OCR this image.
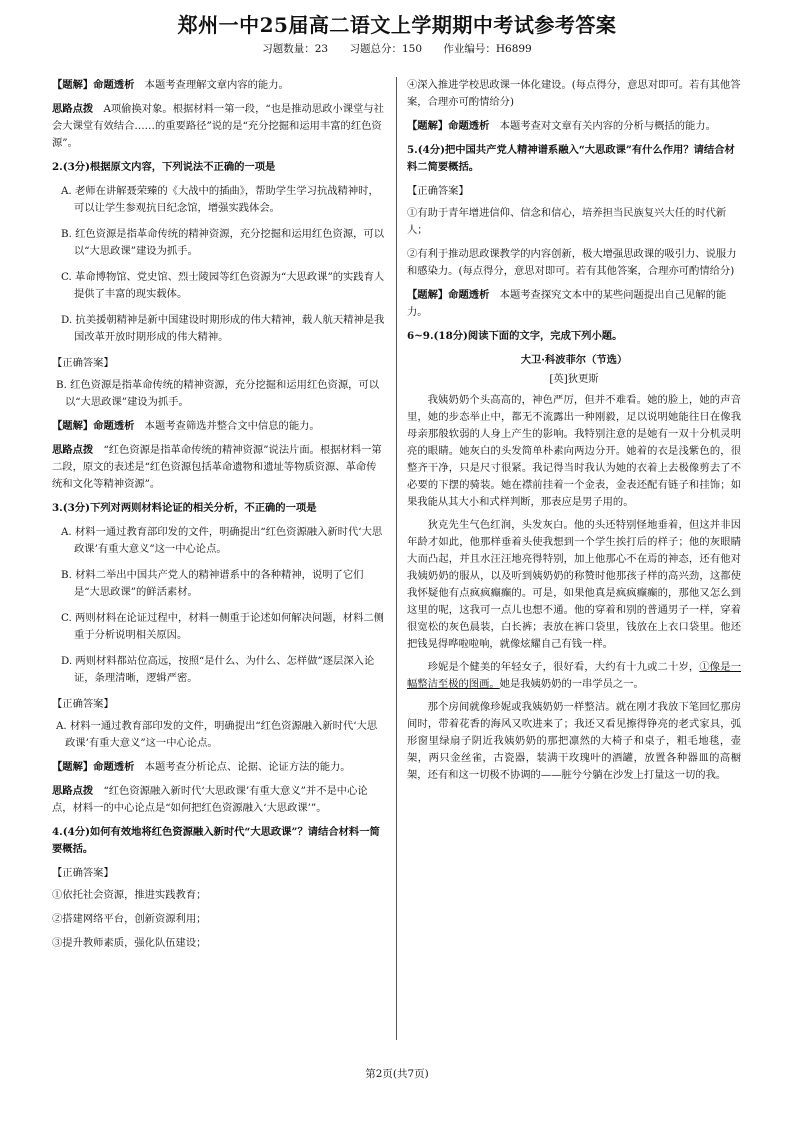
郑州一中25届高二语文上学期期中考试参考答案
习题数量：23 习题总分：150 作业编号：H6899

【题解】命题透析　 本题考查理解文章内容的能力。

思路点拨　 A项偷换对象。根据材料一第一段，“也是推动思政小课堂与社会大课堂有效结合……的重要路径”说的是“充分挖掘和运用丰富的红色资源”。

2.(3分)根据原文内容，下列说法不正确的一项是

A. 老师在讲解聂荣臻的《大战中的插曲》，帮助学生学习抗战精神时，可以让学生参观抗日纪念馆，增强实践体会。

B. 红色资源是指革命传统的精神资源，充分挖掘和运用红色资源，可以以“大思政课”建设为抓手。

C. 革命博物馆、党史馆、烈士陵园等红色资源为“大思政课”的实践育人提供了丰富的现实载体。

D. 抗美援朝精神是新中国建设时期形成的伟大精神，载人航天精神是我国改革开放时期形成的伟大精神。

【正确答案】

B. 红色资源是指革命传统的精神资源，充分挖掘和运用红色资源，可以以“大思政课”建设为抓手。

【题解】命题透析　 本题考查筛选并整合文中信息的能力。

思路点拨　 “红色资源是指革命传统的精神资源”说法片面。根据材料一第二段，原文的表述是“红色资源包括革命遗物和遗址等物质资源、革命传统和文化等精神资源”。

3.(3分)下列对两则材料论证的相关分析，不正确的一项是

A. 材料一通过教育部印发的文件，明确提出“红色资源融入新时代‘大思政课’有重大意义”这一中心论点。

B. 材料二举出中国共产党人的精神谱系中的各种精神，说明了它们是“大思政课”的鲜活素材。

C. 两则材料在论证过程中，材料一侧重于论述如何解决问题，材料二侧重于分析说明相关原因。

D. 两则材料都站位高远，按照“是什么、为什么、怎样做”逐层深入论证，条理清晰，逻辑严密。

【正确答案】

A. 材料一通过教育部印发的文件，明确提出“红色资源融入新时代‘大思政课’有重大意义”这一中心论点。

【题解】命题透析　 本题考查分析论点、论据、论证方法的能力。

思路点拨　 “红色资源融入新时代‘大思政课’有重大意义”并不是中心论点，材料一的中心论点是“如何把红色资源融入‘大思政课’”。

4.(4分)如何有效地将红色资源融入新时代“大思政课”？请结合材料一简要概括。

【正确答案】

①依托社会资源，推进实践教育；

②搭建网络平台，创新资源利用；

③提升教师素质，强化队伍建设；

④深入推进学校思政课一体化建设。(每点得分，意思对即可。若有其他答案，合理亦可酌情给分)

【题解】命题透析　 本题考查对文章有关内容的分析与概括的能力。

5.(4分)把中国共产党人精神谱系融入“大思政课”有什么作用？请结合材料二简要概括。

【正确答案】

①有助于青年增进信仰、信念和信心，培养担当民族复兴大任的时代新人；

②有利于推动思政课教学的内容创新，极大增强思政课的吸引力、说服力和感染力。(每点得分，意思对即可。若有其他答案，合理亦可酌情给分)

【题解】命题透析　 本题考查探究文本中的某些问题提出自己见解的能力。

6~9.(18分)阅读下面的文字，完成下列小题。

大卫·科波菲尔（节选）
[英]狄更斯

我姨奶奶个头高高的，神色严厉，但并不难看。她的脸上，她的声音里，她的步态举止中，都无不流露出一种刚毅，足以说明她能往日在像我母亲那般软弱的人身上产生的影响。我特别注意的是她有一双十分机灵明亮的眼睛。她灰白的头发简单朴素向两边分开。她着的衣是浅紫色的，很整齐干净，只是尺寸很紧。我记得当时我认为她的衣着上去极像剪去了不必要的下摆的骑装。她在襟前挂着一个金表，金表还配有链子和挂饰；如果我能从其大小和式样判断，那表应是男子用的。

狄克先生气色红润，头发灰白。他的头还特别怪地垂着，但这并非因年龄才如此，他那样垂着头使我想到一个学生挨打后的样子；他的灰眼睛大而凸起，并且水汪汪地亮得特别，加上他那心不在焉的神态，还有他对我姨奶奶的服从，以及听到姨奶奶的称赞时他那孩子样的高兴劲，这都使我怀疑他有点疯疯癫癫的。可是，如果他真是疯疯癫癫的，那他又怎么到这里的呢，这我可一点儿也想不通。他的穿着和别的普通男子一样，穿着很宽松的灰色晨装，白长裤；表放在裤口袋里，钱放在上衣口袋里。他还把钱晃得哗啦啦响，就像炫耀自己有钱一样。

珍妮是个健美的年轻女子，很好看，大约有十九或二十岁，①像是一幅整洁至极的图画。她是我姨奶奶的一串学员之一。

那个房间就像珍妮或我姨奶奶一样整洁。就在刚才我放下笔回忆那房间时，带着花香的海风又吹进来了；我还又看见擦得铮亮的老式家具，弧形窗里绿扇子阴近我姨奶奶的那把凛然的大椅子和桌子，粗毛地毯，壶架，两只金丝雀，古瓷器，装满干玫瑰叶的酒罐，放置各种器皿的高橱架，还有和这一切极不协调的——脏兮兮躺在沙发上打量这一切的我。

第2页(共7页)
